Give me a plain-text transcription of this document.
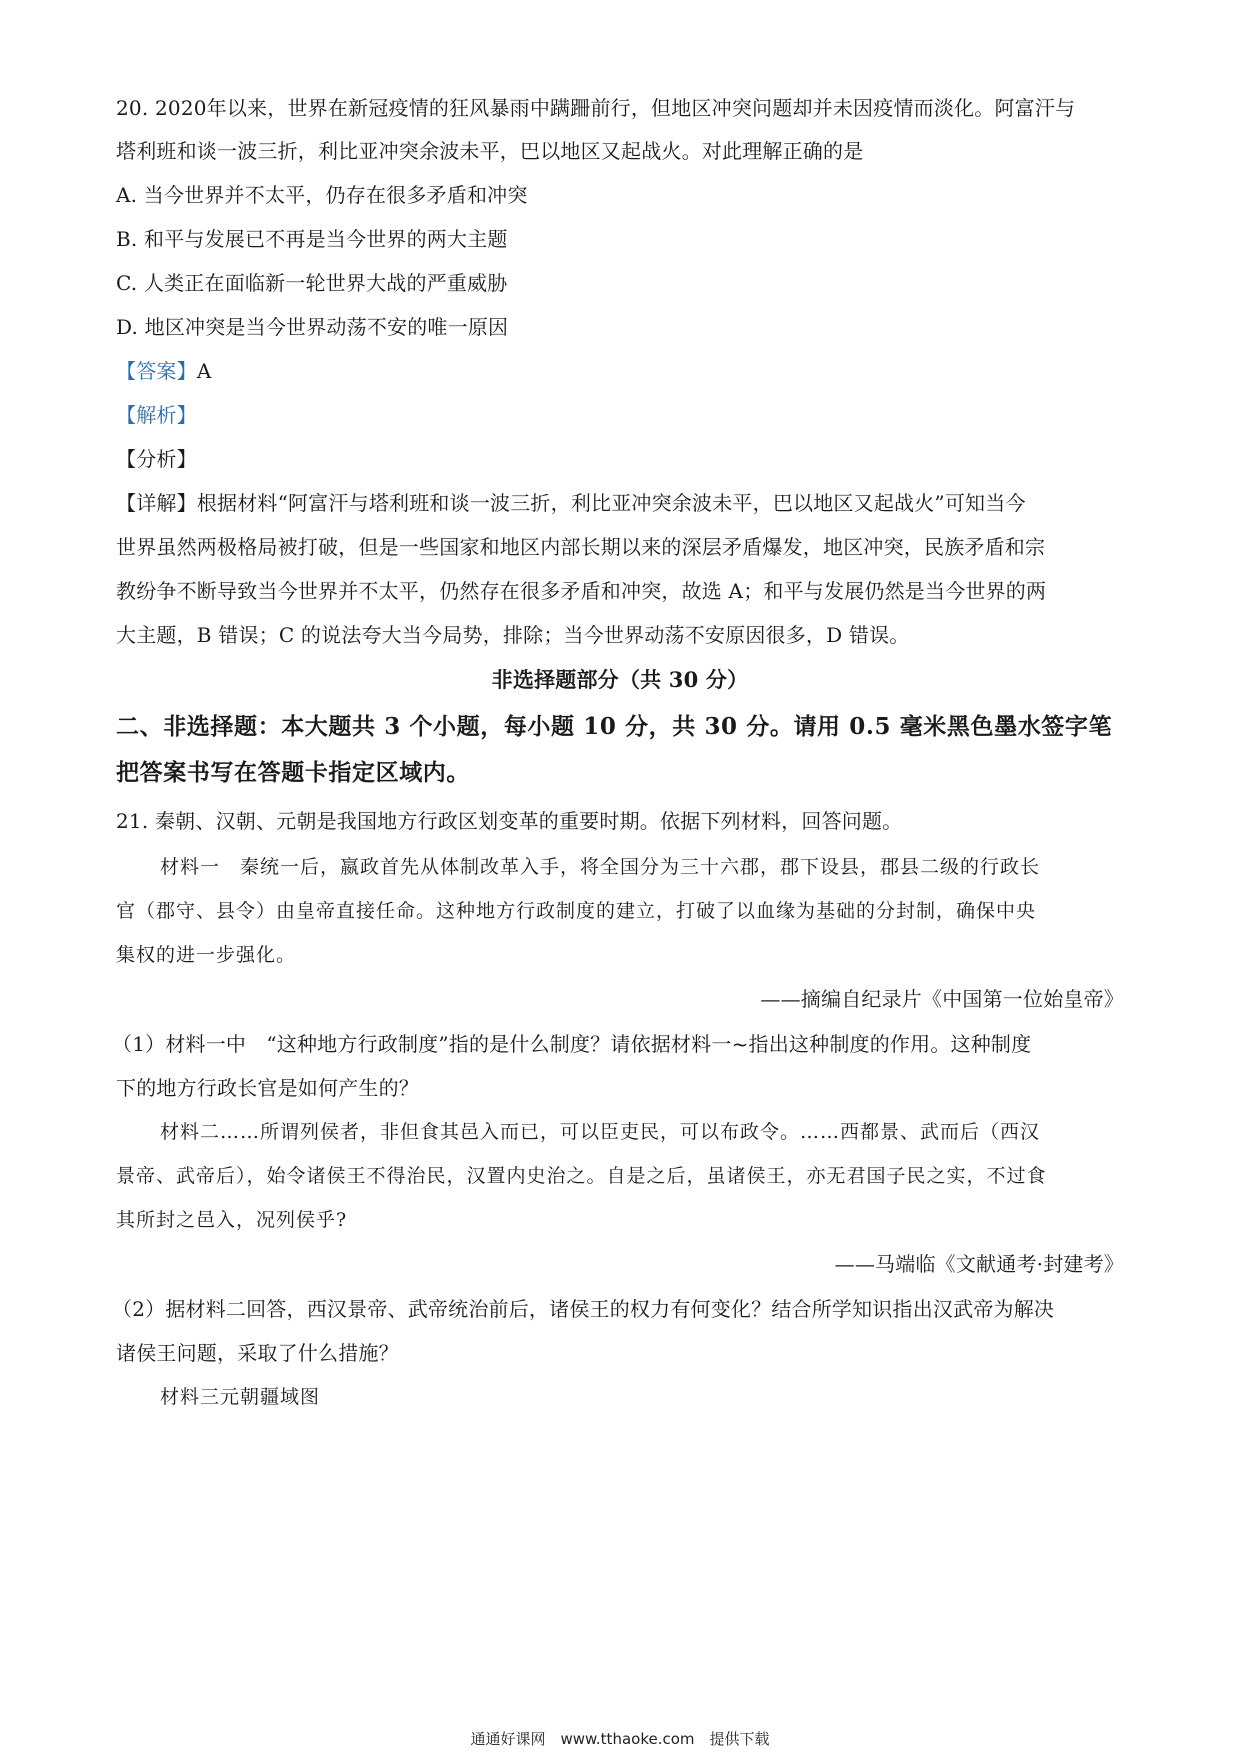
20. 2020年以来，世界在新冠疫情的狂风暴雨中蹒跚前行，但地区冲突问题却并未因疫情而淡化。阿富汗与
塔利班和谈一波三折，利比亚冲突余波未平，巴以地区又起战火。对此理解正确的是
A. 当今世界并不太平，仍存在很多矛盾和冲突
B. 和平与发展已不再是当今世界的两大主题
C. 人类正在面临新一轮世界大战的严重威胁
D. 地区冲突是当今世界动荡不安的唯一原因
【答案】A
【解析】
【分析】
【详解】根据材料“阿富汗与塔利班和谈一波三折，利比亚冲突余波未平，巴以地区又起战火”可知当今
世界虽然两极格局被打破，但是一些国家和地区内部长期以来的深层矛盾爆发，地区冲突，民族矛盾和宗
教纷争不断导致当今世界并不太平，仍然存在很多矛盾和冲突，故选 A；和平与发展仍然是当今世界的两
大主题，B 错误；C 的说法夸大当今局势，排除；当今世界动荡不安原因很多，D 错误。
非选择题部分（共 30 分）
二、非选择题：本大题共 3 个小题，每小题 10 分，共 30 分。请用 0.5 毫米黑色墨水签字笔
把答案书写在答题卡指定区域内。
21. 秦朝、汉朝、元朝是我国地方行政区划变革的重要时期。依据下列材料，回答问题。
材料一　秦统一后，嬴政首先从体制改革入手，将全国分为三十六郡，郡下设县，郡县二级的行政长
官（郡守、县令）由皇帝直接任命。这种地方行政制度的建立，打破了以血缘为基础的分封制，确保中央
集权的进一步强化。
——摘编自纪录片《中国第一位始皇帝》
（1）材料一中　“这种地方行政制度”指的是什么制度？请依据材料一~指出这种制度的作用。这种制度
下的地方行政长官是如何产生的？
材料二……所谓列侯者，非但食其邑入而已，可以臣吏民，可以布政令。……西都景、武而后（西汉
景帝、武帝后），始令诸侯王不得治民，汉置内史治之。自是之后，虽诸侯王，亦无君国子民之实，不过食
其所封之邑入，况列侯乎?
——马端临《文献通考·封建考》
（2）据材料二回答，西汉景帝、武帝统治前后，诸侯王的权力有何变化？结合所学知识指出汉武帝为解决
诸侯王问题，采取了什么措施？
材料三元朝疆域图
通通好课网　www.tthaoke.com　提供下载
